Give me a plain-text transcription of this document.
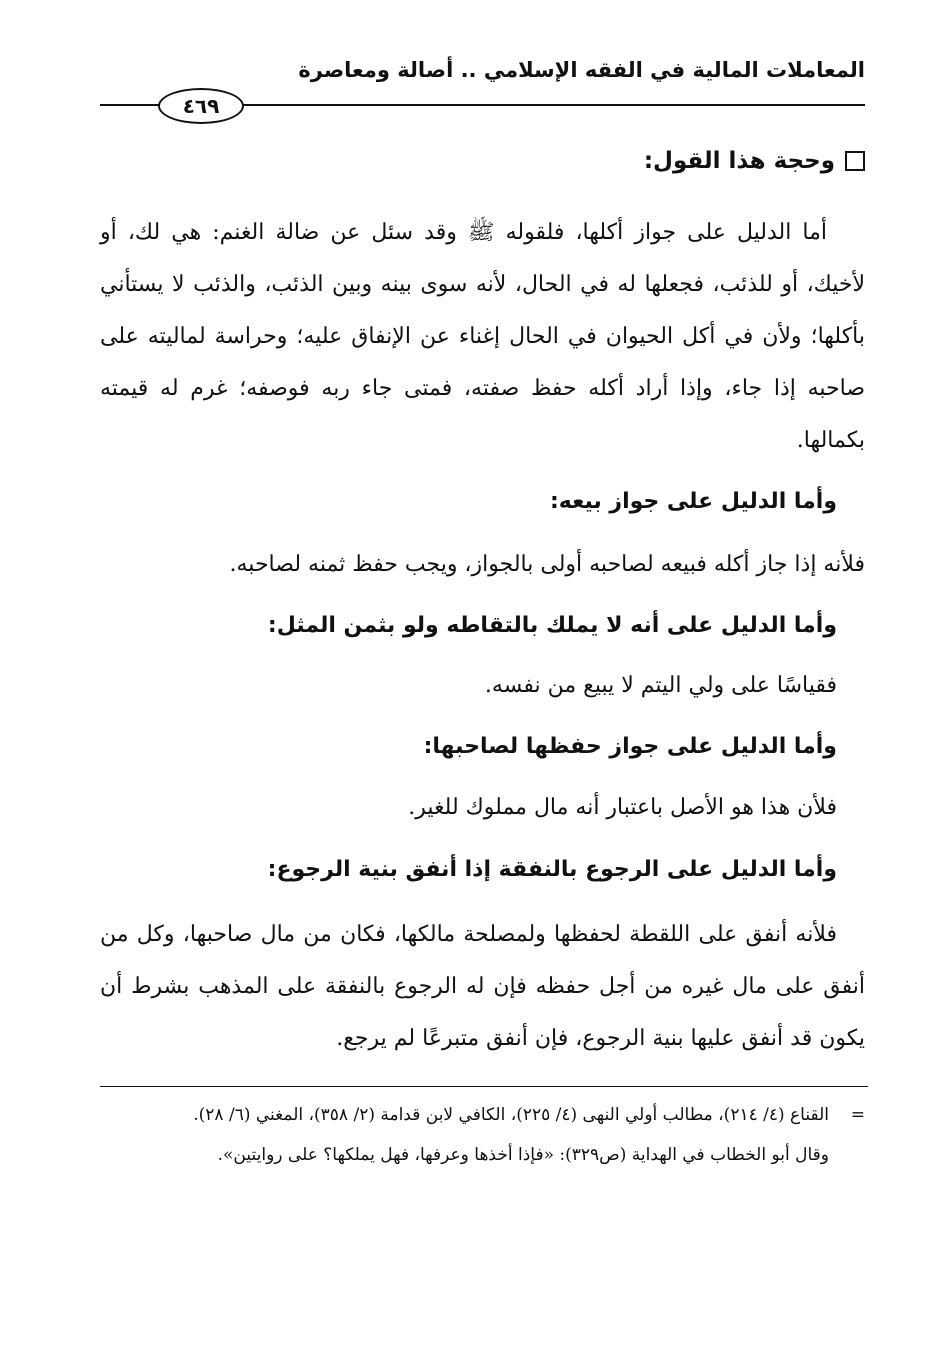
المعاملات المالية في الفقه الإسلامي .. أصالة ومعاصرة
٤٦٩
وحجة هذا القول:
أما الدليل على جواز أكلها، فلقوله ﷺ وقد سئل عن ضالة الغنم: هي لك، أو لأخيك، أو للذئب، فجعلها له في الحال، لأنه سوى بينه وبين الذئب، والذئب لا يستأني بأكلها؛ ولأن في أكل الحيوان في الحال إغناء عن الإنفاق عليه؛ وحراسة لماليته على صاحبه إذا جاء، وإذا أراد أكله حفظ صفته، فمتى جاء ربه فوصفه؛ غرم له قيمته بكمالها.
وأما الدليل على جواز بيعه:
فلأنه إذا جاز أكله فبيعه لصاحبه أولى بالجواز، ويجب حفظ ثمنه لصاحبه.
وأما الدليل على أنه لا يملك بالتقاطه ولو بثمن المثل:
فقياسًا على ولي اليتم لا يبيع من نفسه.
وأما الدليل على جواز حفظها لصاحبها:
فلأن هذا هو الأصل باعتبار أنه مال مملوك للغير.
وأما الدليل على الرجوع بالنفقة إذا أنفق بنية الرجوع:
فلأنه أنفق على اللقطة لحفظها ولمصلحة مالكها، فكان من مال صاحبها، وكل من أنفق على مال غيره من أجل حفظه فإن له الرجوع بالنفقة على المذهب بشرط أن يكون قد أنفق عليها بنية الرجوع، فإن أنفق متبرعًا لم يرجع.
=
القناع (٤/ ٢١٤)، مطالب أولي النهى (٤/ ٢٢٥)، الكافي لابن قدامة (٢/ ٣٥٨)، المغني (٦/ ٢٨).
وقال أبو الخطاب في الهداية (ص٣٢٩): «فإذا أخذها وعرفها، فهل يملكها؟ على روايتين».
